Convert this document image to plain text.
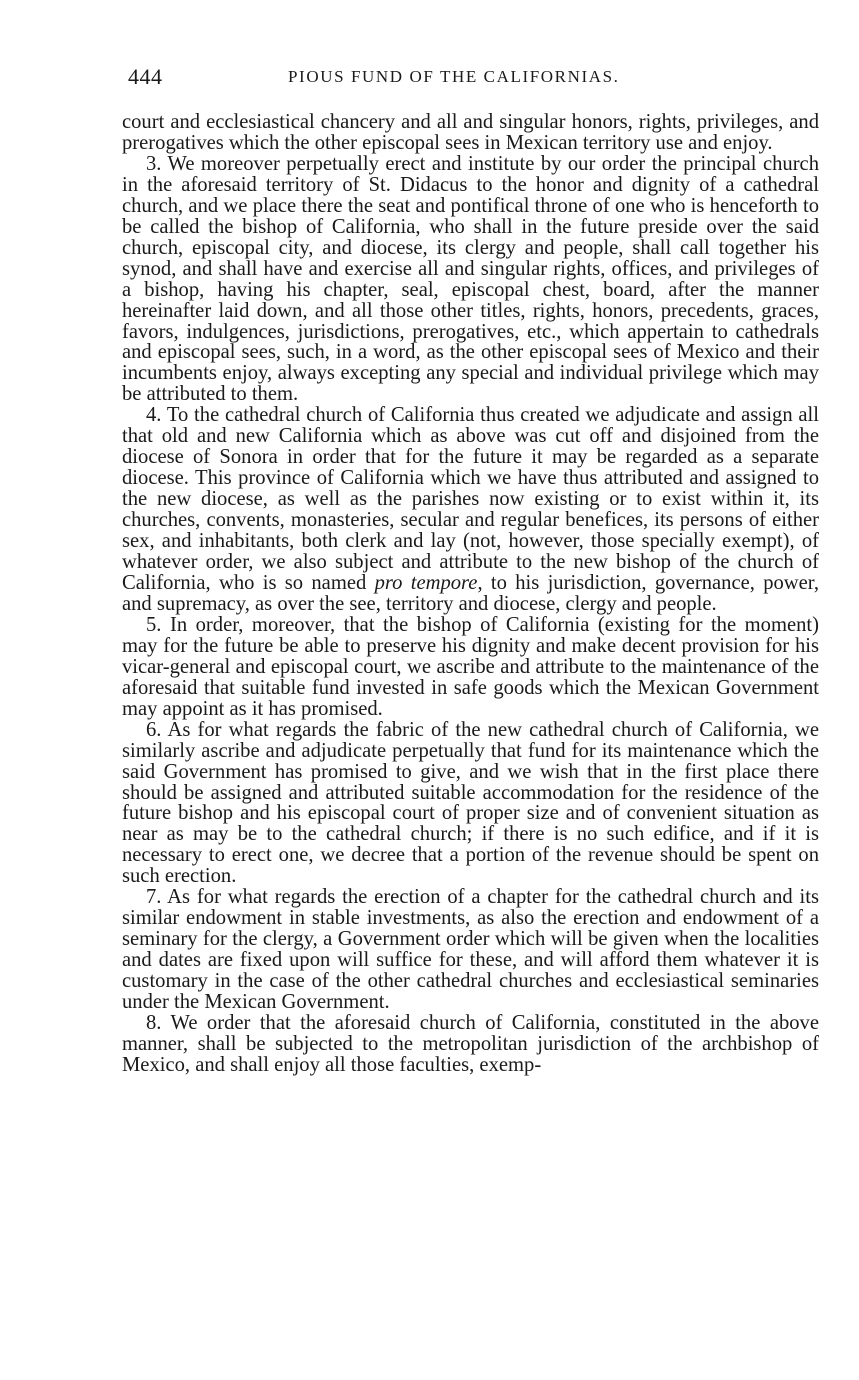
444	PIOUS FUND OF THE CALIFORNIAS.

court and ecclesiastical chancery and all and singular honors, rights, privileges, and prerogatives which the other episcopal sees in Mexican territory use and enjoy.

3. We moreover perpetually erect and institute by our order the principal church in the aforesaid territory of St. Didacus to the honor and dignity of a cathedral church, and we place there the seat and pontifical throne of one who is henceforth to be called the bishop of California, who shall in the future preside over the said church, episcopal city, and diocese, its clergy and people, shall call together his synod, and shall have and exercise all and singular rights, offices, and privileges of a bishop, having his chapter, seal, episcopal chest, board, after the manner hereinafter laid down, and all those other titles, rights, honors, precedents, graces, favors, indulgences, jurisdictions, prerogatives, etc., which appertain to cathedrals and episcopal sees, such, in a word, as the other episcopal sees of Mexico and their incumbents enjoy, always excepting any special and individual privilege which may be attributed to them.

4. To the cathedral church of California thus created we adjudicate and assign all that old and new California which as above was cut off and disjoined from the diocese of Sonora in order that for the future it may be regarded as a separate diocese. This province of California which we have thus attributed and assigned to the new diocese, as well as the parishes now existing or to exist within it, its churches, convents, monasteries, secular and regular benefices, its persons of either sex, and inhabitants, both clerk and lay (not, however, those specially exempt), of whatever order, we also subject and attribute to the new bishop of the church of California, who is so named pro tempore, to his jurisdiction, governance, power, and supremacy, as over the see, territory and diocese, clergy and people.

5. In order, moreover, that the bishop of California (existing for the moment) may for the future be able to preserve his dignity and make decent provision for his vicar-general and episcopal court, we ascribe and attribute to the maintenance of the aforesaid that suitable fund invested in safe goods which the Mexican Government may appoint as it has promised.

6. As for what regards the fabric of the new cathedral church of California, we similarly ascribe and adjudicate perpetually that fund for its maintenance which the said Government has promised to give, and we wish that in the first place there should be assigned and attributed suitable accommodation for the residence of the future bishop and his episcopal court of proper size and of convenient situation as near as may be to the cathedral church; if there is no such edifice, and if it is necessary to erect one, we decree that a portion of the revenue should be spent on such erection.

7. As for what regards the erection of a chapter for the cathedral church and its similar endowment in stable investments, as also the erection and endowment of a seminary for the clergy, a Government order which will be given when the localities and dates are fixed upon will suffice for these, and will afford them whatever it is customary in the case of the other cathedral churches and ecclesiastical seminaries under the Mexican Government.

8. We order that the aforesaid church of California, constituted in the above manner, shall be subjected to the metropolitan jurisdiction of the archbishop of Mexico, and shall enjoy all those faculties, exemp-
